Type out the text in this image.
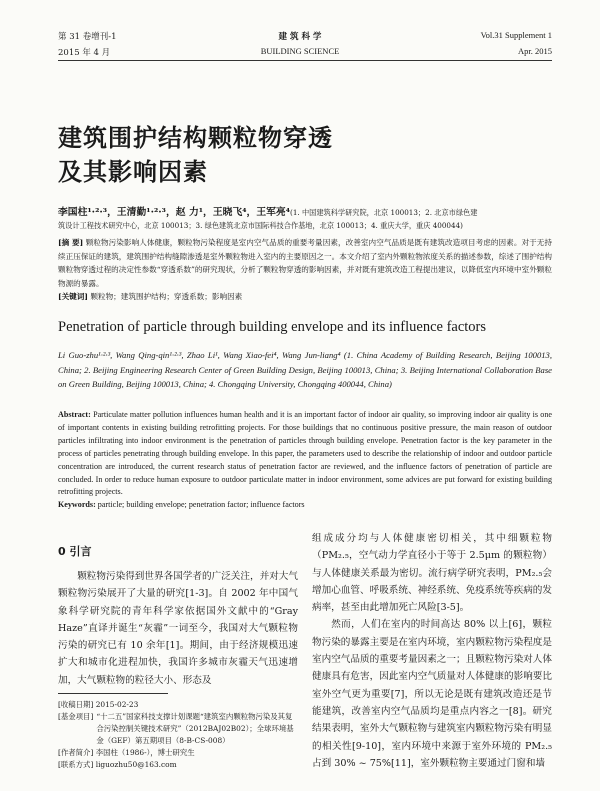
第 31 卷增刊-1
2015 年 4 月
建 筑 科 学
BUILDING SCIENCE
Vol.31 Supplement 1
Apr. 2015
建筑围护结构颗粒物穿透
及其影响因素
李国柱¹·²·³，王清勤¹·²·³，赵 力¹，王晓飞⁴，王军亮⁴(1. 中国建筑科学研究院，北京 100013；2. 北京市绿色建
筑设计工程技术研究中心，北京 100013；3. 绿色建筑北京市国际科技合作基地，北京 100013；4. 重庆大学，重庆 400044)
[摘 要] 颗粒物污染影响人体健康，颗粒物污染程度是室内空气品质的重要考量因素，改善室内空气品质是既有建筑改造项目考虑的因素。对于无持续正压保证的建筑，建筑围护结构缝隙渗透是室外颗粒物进入室内的主要原因之一。本文介绍了室内外颗粒物浓度关系的描述参数，综述了围护结构颗粒物穿透过程的决定性参数“穿透系数”的研究现状，分析了颗粒物穿透的影响因素，并对既有建筑改造工程提出建议，以降低室内环境中室外颗粒物源的暴露。
[关键词] 颗粒物；建筑围护结构；穿透系数；影响因素
Penetration of particle through building envelope and its influence factors
Li Guo-zhu¹·²·³, Wang Qing-qin¹·²·³, Zhao Li¹, Wang Xiao-fei⁴, Wang Jun-liang⁴ (1. China Academy of Building Research, Beijing 100013, China; 2. Beijing Engineering Research Center of Green Building Design, Beijing 100013, China; 3. Beijing International Collaboration Base on Green Building, Beijing 100013, China; 4. Chongqing University, Chongqing 400044, China)
Abstract: Particulate matter pollution influences human health and it is an important factor of indoor air quality, so improving indoor air quality is one of important contents in existing building retrofitting projects. For those buildings that no continuous positive pressure, the main reason of outdoor particles infiltrating into indoor environment is the penetration of particles through building envelope. Penetration factor is the key parameter in the process of particles penetrating through building envelope. In this paper, the parameters used to describe the relationship of indoor and outdoor particle concentration are introduced, the current research status of penetration factor are reviewed, and the influence factors of penetration of particle are concluded. In order to reduce human exposure to outdoor particulate matter in indoor environment, some advices are put forward for existing building retrofitting projects.
Keywords: particle; building envelope; penetration factor; influence factors
0 引言

颗粒物污染得到世界各国学者的广泛关注，并对大气颗粒物污染展开了大量的研究[1-3]。自 2002 年中国气象科学研究院的青年科学家依据国外文献中的“Gray Haze”直译并诞生“灰霾”一词至今，我国对大气颗粒物污染的研究已有 10 余年[1]。期间，由于经济规模迅速扩大和城市化进程加快，我国许多城市灰霾天气迅速增加，大气颗粒物的粒径大小、形态及

[收稿日期] 2015-02-23
[基金项目] “十二五”国家科技支撑计划课题“建筑室内颗粒物污染及其复合污染控制关键技术研究”（2012BAJ02B02）；全球环境基金（GEF）第五期项目（8-B-CS-008）
[作者简介] 李国柱（1986-），博士研究生
[联系方式] liguozhu50@163.com

组成成分均与人体健康密切相关，其中细颗粒物（PM₂.₅，空气动力学直径小于等于 2.5μm 的颗粒物）与人体健康关系最为密切。流行病学研究表明，PM₂.₅会增加心血管、呼吸系统、神经系统、免疫系统等疾病的发病率，甚至由此增加死亡风险[3-5]。

然而，人们在室内的时间高达 80% 以上[6]，颗粒物污染的暴露主要是在室内环境，室内颗粒物污染程度是室内空气品质的重要考量因素之一；且颗粒物污染对人体健康具有危害，因此室内空气质量对人体健康的影响要比室外空气更为重要[7]，所以无论是既有建筑改造还是节能建筑，改善室内空气品质均是重点内容之一[8]。研究结果表明，室外大气颗粒物与建筑室内颗粒物污染有明显的相关性[9-10]，室内环境中来源于室外环境的 PM₂.₅占到 30% ~ 75%[11]，室外颗粒物主要通过门窗和墙
